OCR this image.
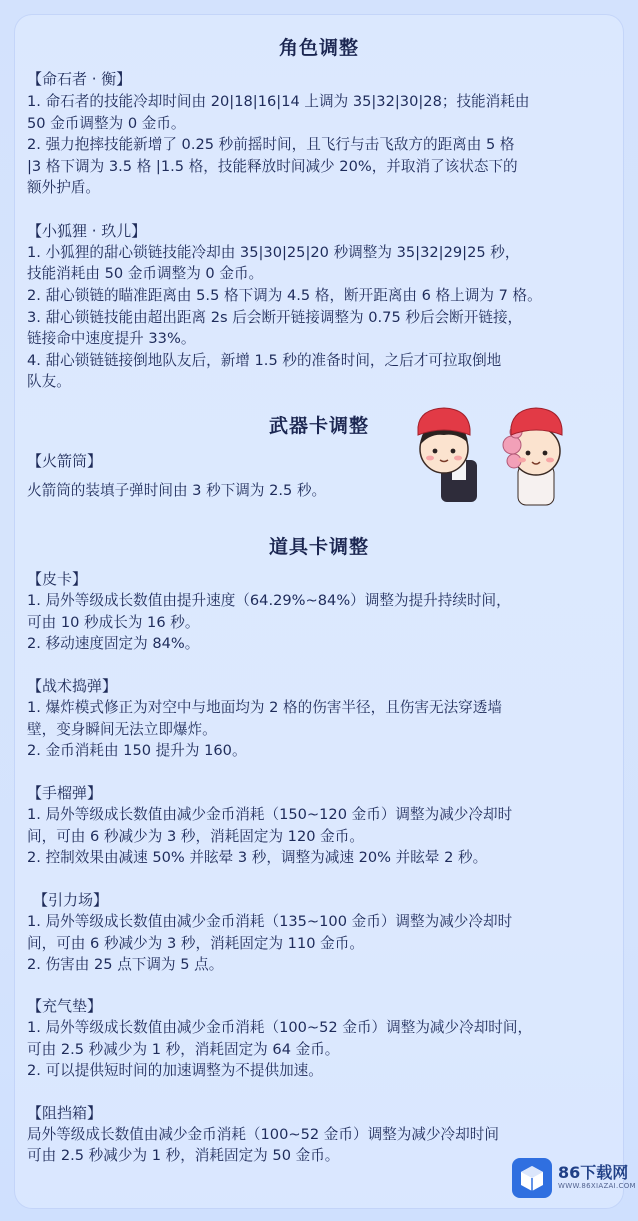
角色调整
武器卡调整
道具卡调整
【命石者 · 衡】
1. 命石者的技能冷却时间由 20|18|16|14 上调为 35|32|30|28；技能消耗由
50 金币调整为 0 金币。
2. 强力抱摔技能新增了 0.25 秒前摇时间，且飞行与击飞敌方的距离由 5 格
|3 格下调为 3.5 格 |1.5 格，技能释放时间减少 20%，并取消了该状态下的
额外护盾。
【小狐狸 · 玖儿】
1. 小狐狸的甜心锁链技能冷却由 35|30|25|20 秒调整为 35|32|29|25 秒，
技能消耗由 50 金币调整为 0 金币。
2. 甜心锁链的瞄准距离由 5.5 格下调为 4.5 格，断开距离由 6 格上调为 7 格。
3. 甜心锁链技能由超出距离 2s 后会断开链接调整为 0.75 秒后会断开链接，
链接命中速度提升 33%。
4. 甜心锁链链接倒地队友后，新增 1.5 秒的准备时间，之后才可拉取倒地
队友。
【火箭筒】
火箭筒的装填子弹时间由 3 秒下调为 2.5 秒。
【皮卡】
1. 局外等级成长数值由提升速度（64.29%~84%）调整为提升持续时间，
可由 10 秒成长为 16 秒。
2. 移动速度固定为 84%。
【战术捣弹】
1. 爆炸模式修正为对空中与地面均为 2 格的伤害半径，且伤害无法穿透墙
壁，变身瞬间无法立即爆炸。
2. 金币消耗由 150 提升为 160。
【手榴弹】
1. 局外等级成长数值由减少金币消耗（150~120 金币）调整为减少冷却时
间，可由 6 秒减少为 3 秒，消耗固定为 120 金币。
2. 控制效果由减速 50% 并眩晕 3 秒，调整为减速 20% 并眩晕 2 秒。
【引力场】
1. 局外等级成长数值由减少金币消耗（135~100 金币）调整为减少冷却时
间，可由 6 秒减少为 3 秒，消耗固定为 110 金币。
2. 伤害由 25 点下调为 5 点。
【充气垫】
1. 局外等级成长数值由减少金币消耗（100~52 金币）调整为减少冷却时间，
可由 2.5 秒减少为 1 秒，消耗固定为 64 金币。
2. 可以提供短时间的加速调整为不提供加速。
【阻挡箱】
局外等级成长数值由减少金币消耗（100~52 金币）调整为减少冷却时间
可由 2.5 秒减少为 1 秒，消耗固定为 50 金币。
86下载网
WWW.86XIAZAI.COM
